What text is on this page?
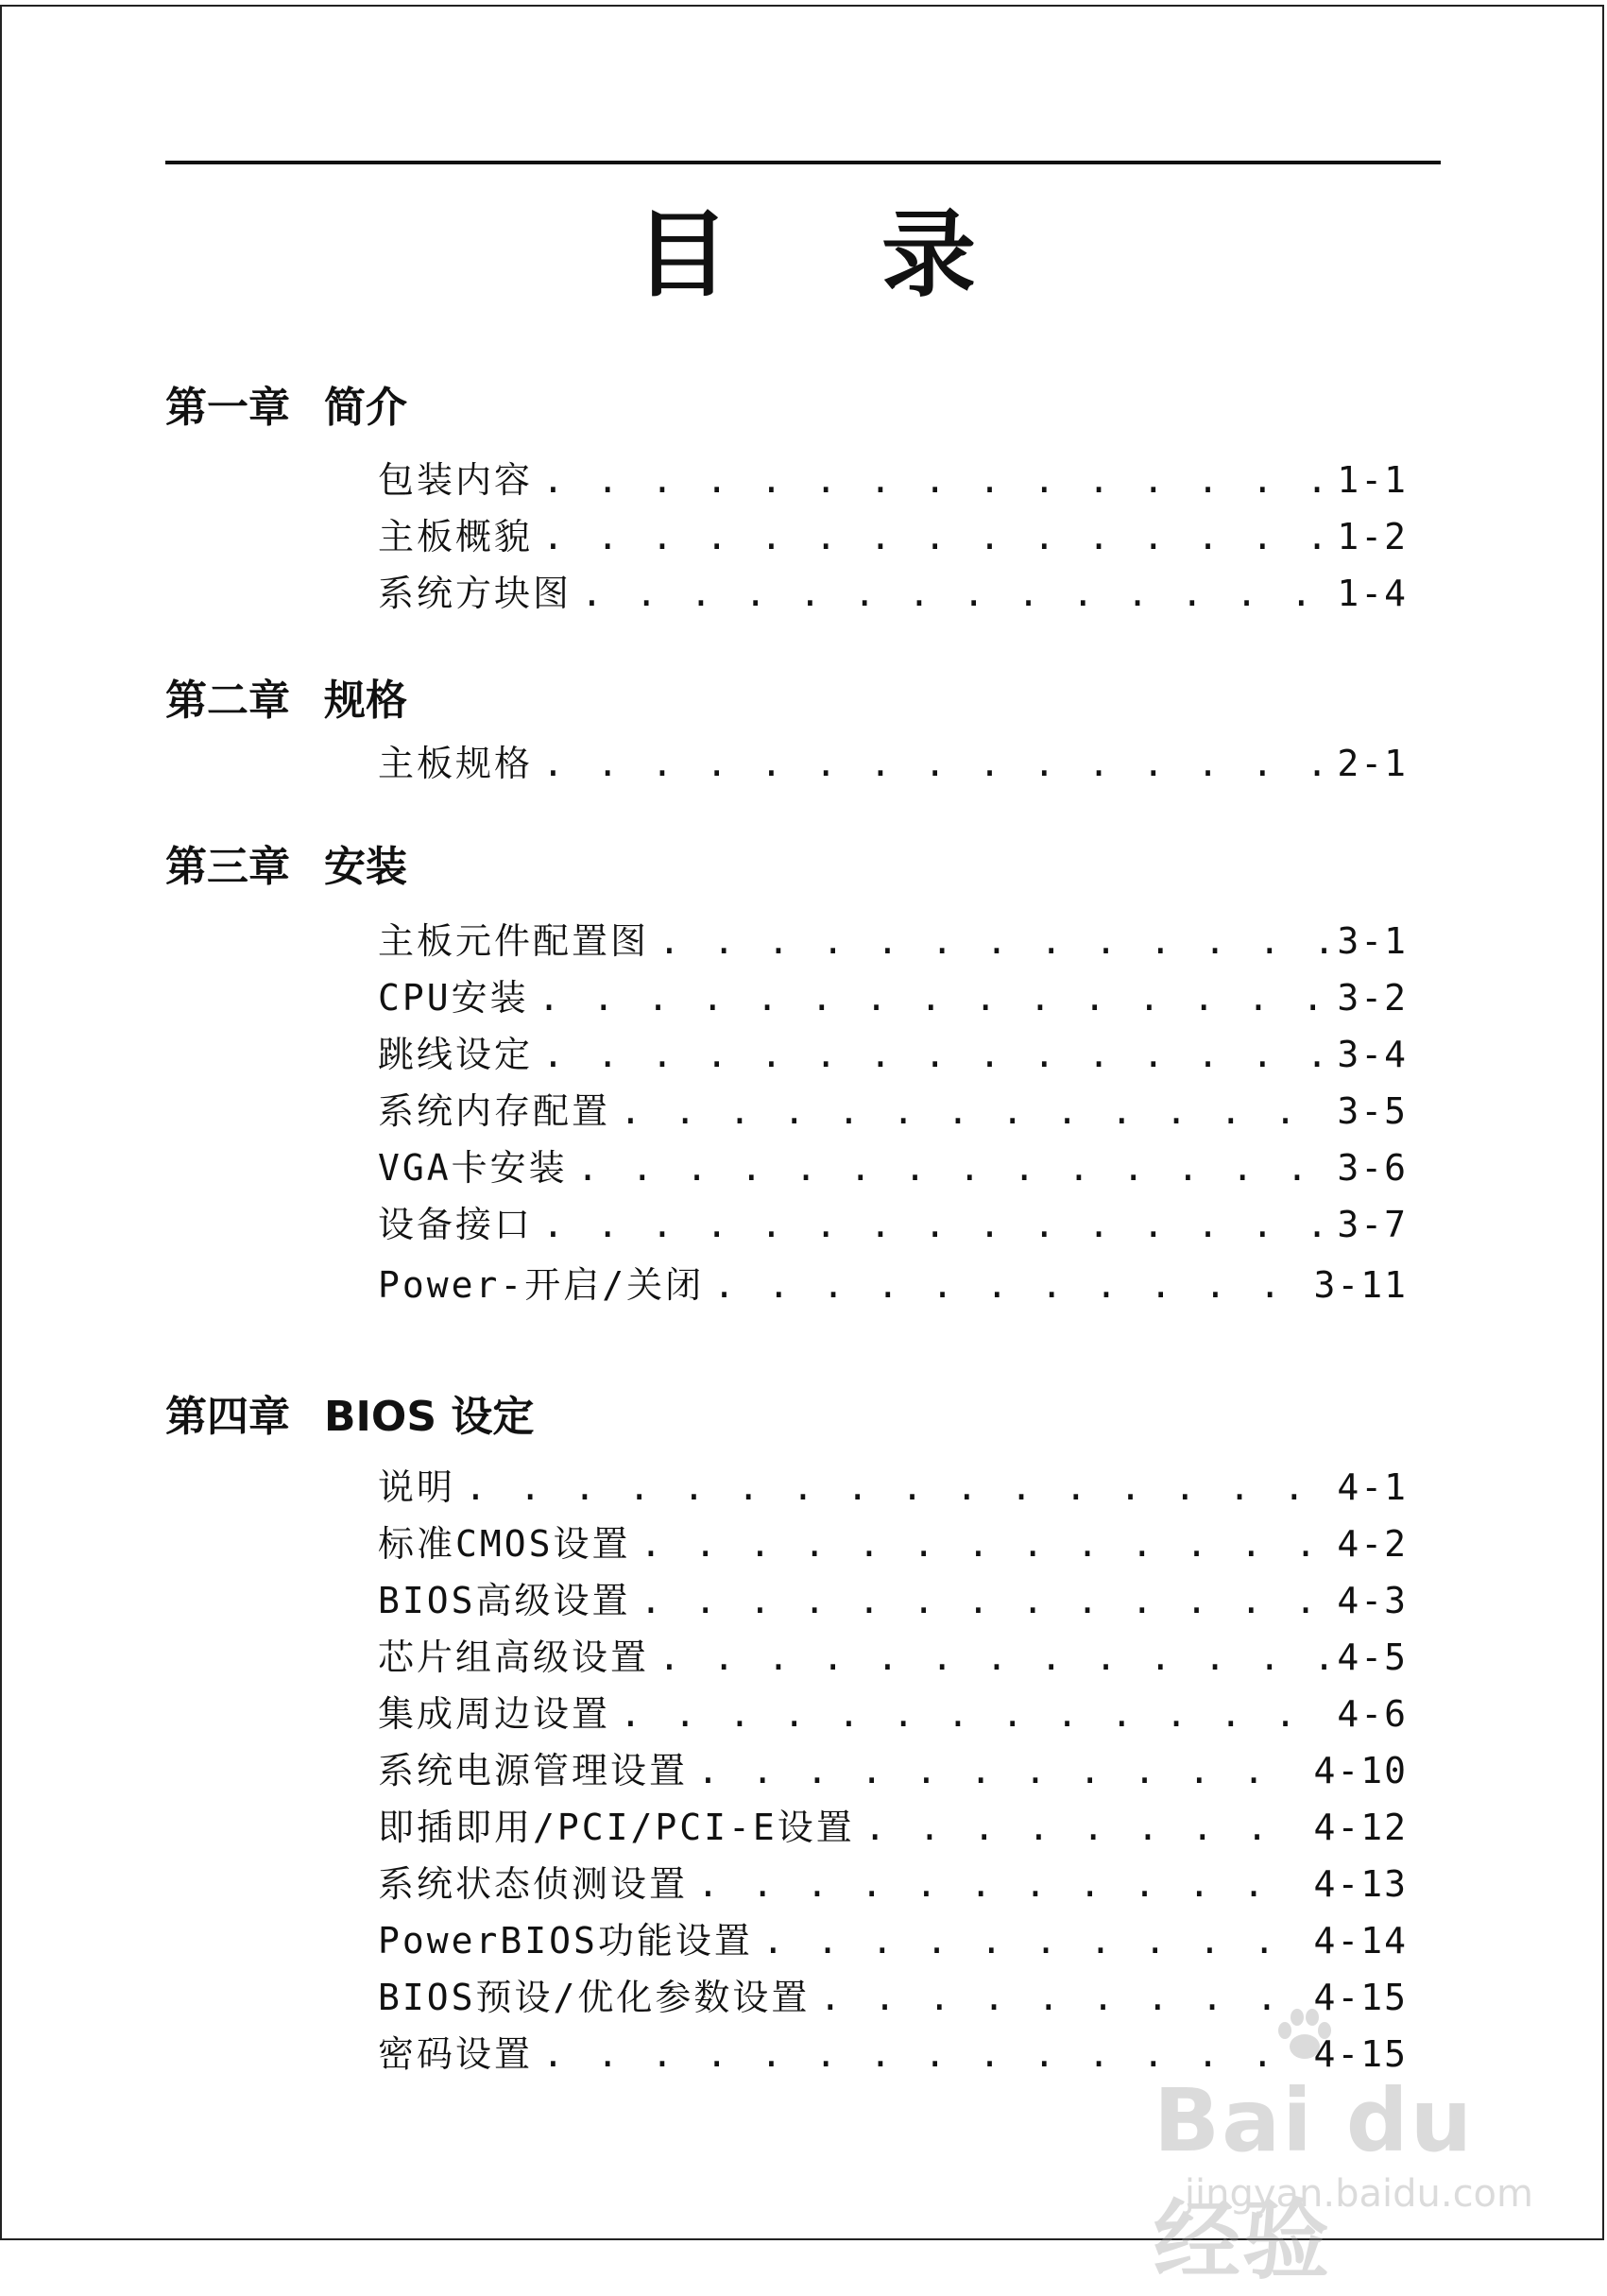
目 录
第一章 简介
包装内容 . . .	1-1
主板概貌 . . .	1-2
系统方块图 . . .	1-4
第二章 规格
主板规格 . . .	2-1
第三章 安装
主板元件配置图 . . .	3-1
CPU安装 . . .	3-2
跳线设定 . . .	3-4
系统内存配置 . . .	3-5
VGA卡安装 . . .	3-6
设备接口 . . .	3-7
Power-开启/关闭 . . .	3-11
第四章 BIOS 设定
说明 . . .	4-1
标准CMOS设置 . . .	4-2
BIOS高级设置 . . .	4-3
芯片组高级设置 . . .	4-5
集成周边设置 . . .	4-6
系统电源管理设置 . . .	4-10
即插即用/PCI/PCI-E设置 . . .	4-12
系统状态侦测设置 . . .	4-13
PowerBIOS功能设置 . . .	4-14
BIOS预设/优化参数设置 . . .	4-15
密码设置 . . .	4-15
Bai du 经验
jingyan.baidu.com
